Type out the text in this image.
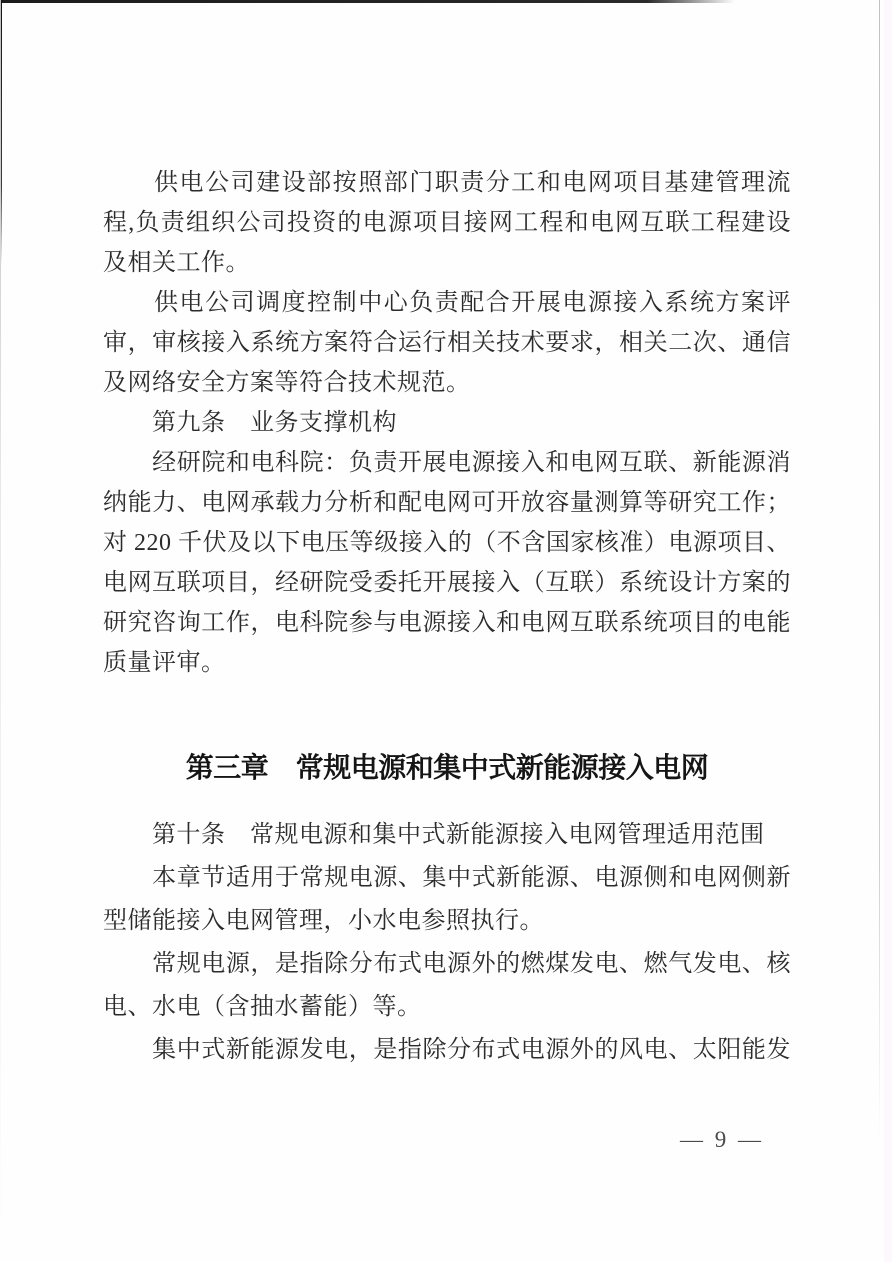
　　供电公司建设部按照部门职责分工和电网项目基建管理流
程,负责组织公司投资的电源项目接网工程和电网互联工程建设
及相关工作。
　　供电公司调度控制中心负责配合开展电源接入系统方案评
审，审核接入系统方案符合运行相关技术要求，相关二次、通信
及网络安全方案等符合技术规范。
　　第九条　业务支撑机构
　　经研院和电科院：负责开展电源接入和电网互联、新能源消
纳能力、电网承载力分析和配电网可开放容量测算等研究工作；
对 220 千伏及以下电压等级接入的（不含国家核准）电源项目、
电网互联项目，经研院受委托开展接入（互联）系统设计方案的
研究咨询工作，电科院参与电源接入和电网互联系统项目的电能
质量评审。
第三章　常规电源和集中式新能源接入电网
　　第十条　常规电源和集中式新能源接入电网管理适用范围
　　本章节适用于常规电源、集中式新能源、电源侧和电网侧新
型储能接入电网管理，小水电参照执行。
　　常规电源，是指除分布式电源外的燃煤发电、燃气发电、核
电、水电（含抽水蓄能）等。
　　集中式新能源发电，是指除分布式电源外的风电、太阳能发
— 9 —
